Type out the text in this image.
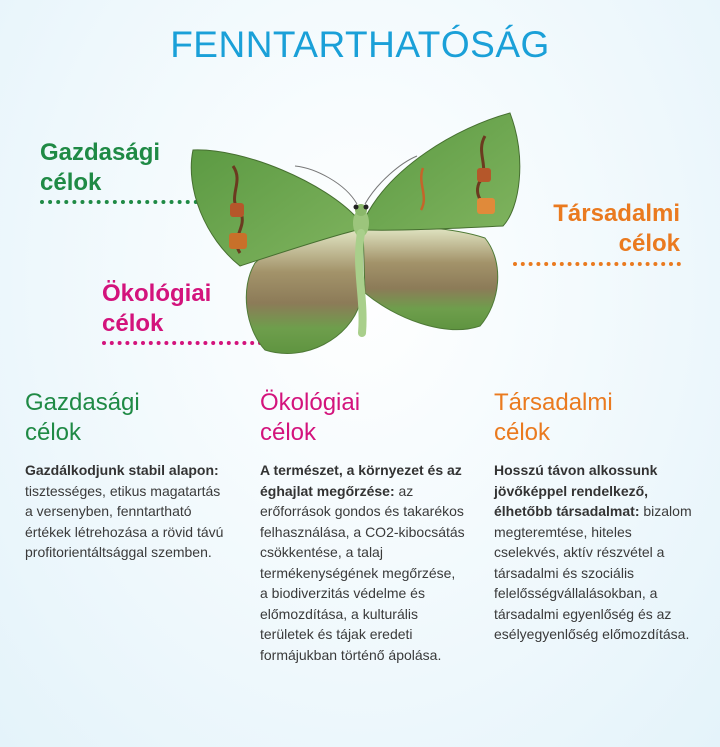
FENNTARTHATÓSÁG
Gazdasági
célok
Társadalmi
célok
Ökológiai
célok
Gazdasági
célok

Gazdálkodjunk stabil alapon: tisztességes, etikus magatartás a versenyben, fenntartható értékek létrehozása a rövid távú profitorientáltsággal szemben.

Ökológiai
célok

A természet, a környezet és az éghajlat megőrzése: az erőforrások gondos és takarékos felhasználása, a CO2-kibocsátás csökkentése, a talaj termékenységének megőrzése, a biodiverzitás védelme és előmozdítása, a kulturális területek és tájak eredeti formájukban történő ápolása.

Társadalmi
célok

Hosszú távon alkossunk jövőképpel rendelkező, élhetőbb társadalmat: bizalom megteremtése, hiteles cselekvés, aktív részvétel a társadalmi és szociális felelősségvállalásokban, a társadalmi egyenlőség és az esélyegyenlőség előmozdítása.
